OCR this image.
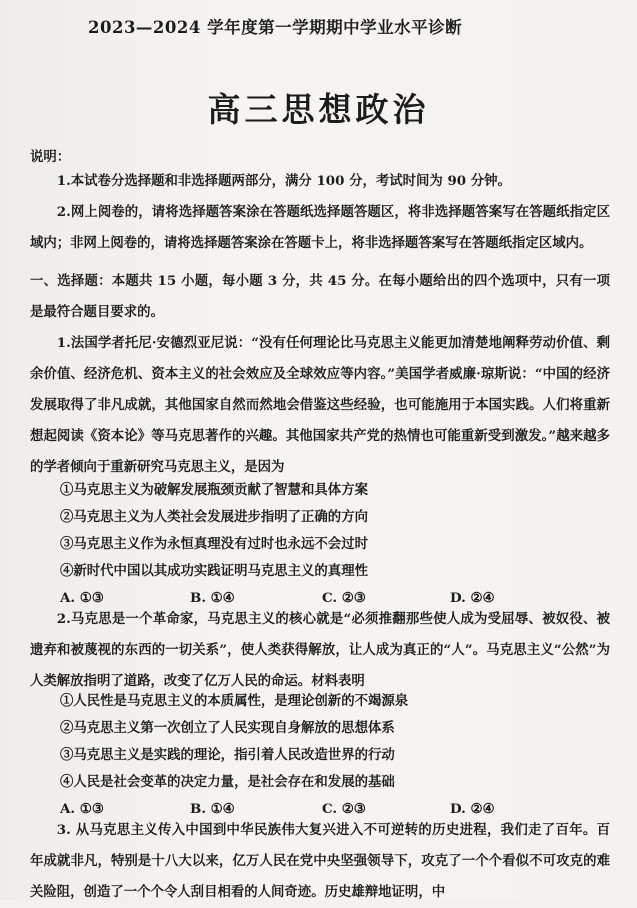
2023—2024 学年度第一学期期中学业水平诊断
高三思想政治
说明：
1.本试卷分选择题和非选择题两部分，满分 100 分，考试时间为 90 分钟。
2.网上阅卷的，请将选择题答案涂在答题纸选择题答题区，将非选择题答案写在答题纸指定区域内；非网上阅卷的，请将选择题答案涂在答题卡上，将非选择题答案写在答题纸指定区域内。
一、选择题：本题共 15 小题，每小题 3 分，共 45 分。在每小题给出的四个选项中，只有一项是最符合题目要求的。
1.法国学者托尼·安德烈亚尼说：“没有任何理论比马克思主义能更加清楚地阐释劳动价值、剩余价值、经济危机、资本主义的社会效应及全球效应等内容。”美国学者威廉·琼斯说：“中国的经济发展取得了非凡成就，其他国家自然而然地会借鉴这些经验，也可能施用于本国实践。人们将重新想起阅读《资本论》等马克思著作的兴趣。其他国家共产党的热情也可能重新受到激发。”越来越多的学者倾向于重新研究马克思主义，是因为
①马克思主义为破解发展瓶颈贡献了智慧和具体方案
②马克思主义为人类社会发展进步指明了正确的方向
③马克思主义作为永恒真理没有过时也永远不会过时
④新时代中国以其成功实践证明马克思主义的真理性
A. ①③	B. ①④	C. ②③	D. ②④
2.马克思是一个革命家，马克思主义的核心就是“必须推翻那些使人成为受屈辱、被奴役、被遗弃和被蔑视的东西的一切关系”，使人类获得解放，让人成为真正的“人”。马克思主义“公然”为人类解放指明了道路，改变了亿万人民的命运。材料表明
①人民性是马克思主义的本质属性，是理论创新的不竭源泉
②马克思主义第一次创立了人民实现自身解放的思想体系
③马克思主义是实践的理论，指引着人民改造世界的行动
④人民是社会变革的决定力量，是社会存在和发展的基础
A. ①③	B. ①④	C. ②③	D. ②④
3. 从马克思主义传入中国到中华民族伟大复兴进入不可逆转的历史进程，我们走了百年。百年成就非凡，特别是十八大以来，亿万人民在党中央坚强领导下，攻克了一个个看似不可攻克的难关险阻，创造了一个个令人刮目相看的人间奇迹。历史雄辩地证明，中
